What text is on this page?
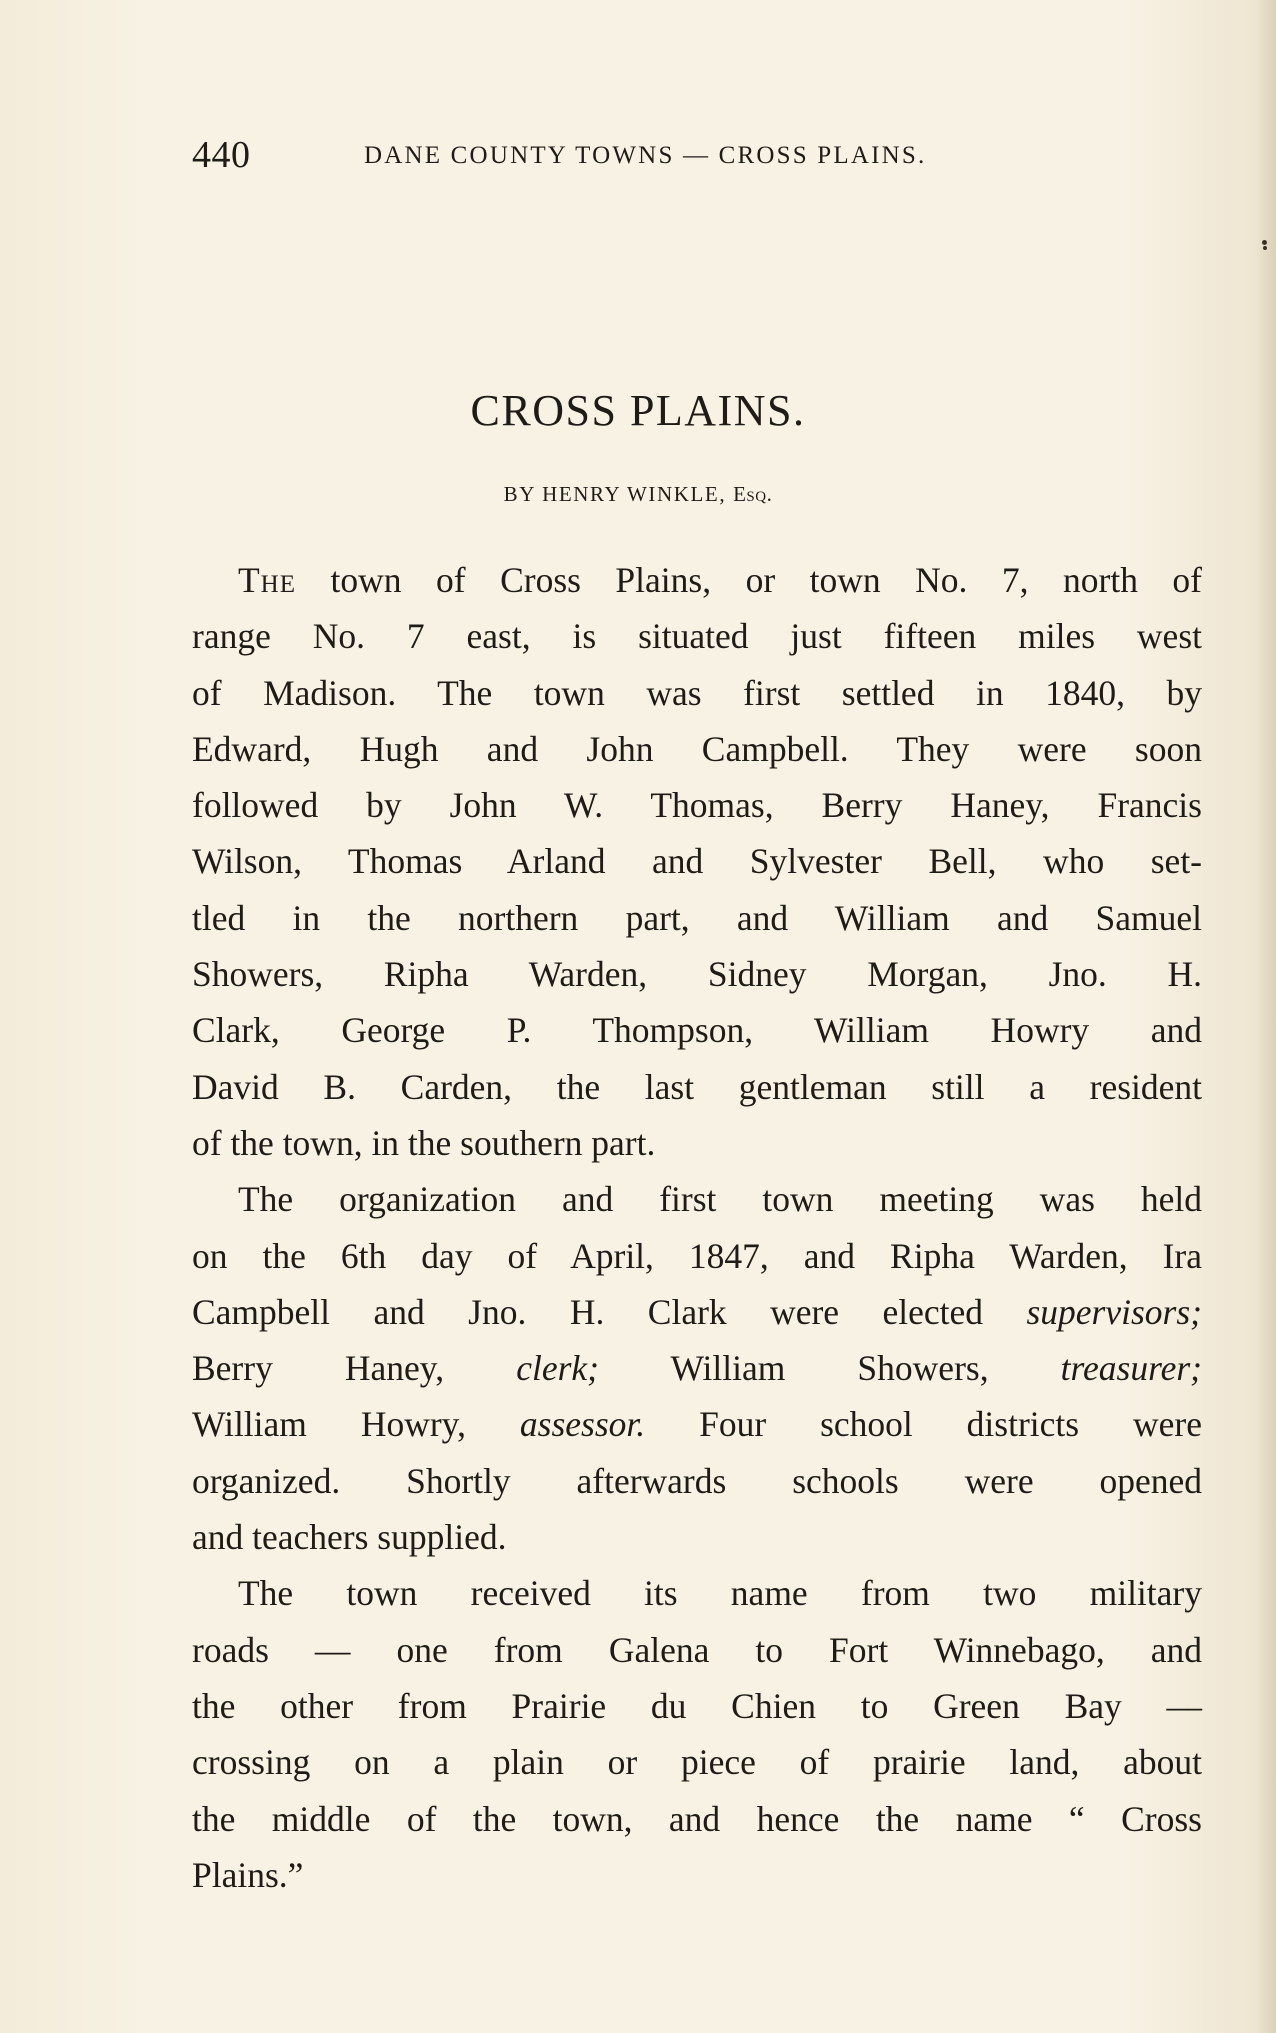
440	DANE COUNTY TOWNS — CROSS PLAINS.
CROSS PLAINS.
BY HENRY WINKLE, Esq.
The town of Cross Plains, or town No. 7, north of
range No. 7 east, is situated just fifteen miles west
of Madison. The town was first settled in 1840, by
Edward, Hugh and John Campbell. They were soon
followed by John W. Thomas, Berry Haney, Francis
Wilson, Thomas Arland and Sylvester Bell, who set-
tled in the northern part, and William and Samuel
Showers, Ripha Warden, Sidney Morgan, Jno. H.
Clark, George P. Thompson, William Howry and
David B. Carden, the last gentleman still a resident
of the town, in the southern part.
The organization and first town meeting was held
on the 6th day of April, 1847, and Ripha Warden, Ira
Campbell and Jno. H. Clark were elected supervisors;
Berry Haney, clerk; William Showers, treasurer;
William Howry, assessor. Four school districts were
organized. Shortly afterwards schools were opened
and teachers supplied.
The town received its name from two military
roads — one from Galena to Fort Winnebago, and
the other from Prairie du Chien to Green Bay —
crossing on a plain or piece of prairie land, about
the middle of the town, and hence the name “ Cross
Plains.”
